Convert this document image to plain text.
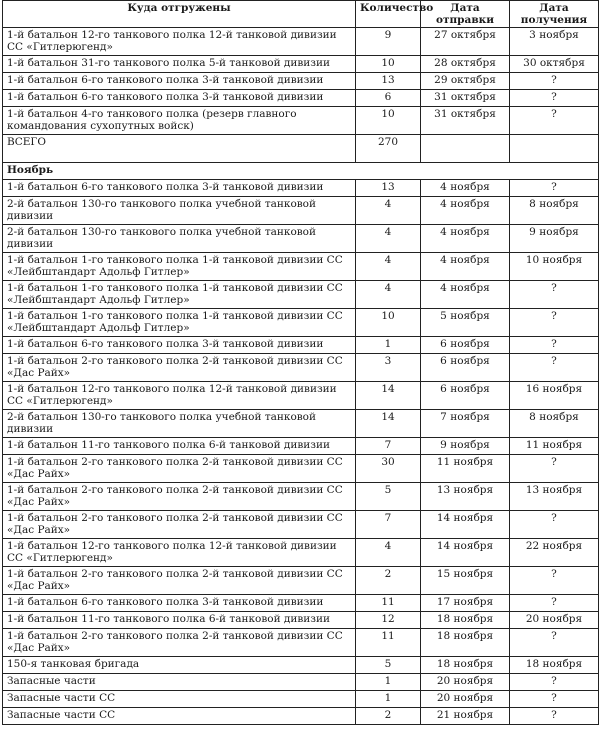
Куда отгружены	Количество	Дата отправки	Дата получения
1-й батальон 12-го танкового полка 12-й танковой дивизии СС «Гитлерюгенд»	9	27 октября	3 ноября
1-й батальон 31-го танкового полка 5-й танковой дивизии	10	28 октября	30 октября
1-й батальон 6-го танкового полка 3-й танковой дивизии	13	29 октября	?
1-й батальон 6-го танкового полка 3-й танковой дивизии	6	31 октября	?
1-й батальон 4-го танкового полка (резерв главного командования сухопутных войск)	10	31 октября	?
ВСЕГО	270		
Ноябрь			
1-й батальон 6-го танкового полка 3-й танковой дивизии	13	4 ноября	?
2-й батальон 130-го танкового полка учебной танковой дивизии	4	4 ноября	8 ноября
2-й батальон 130-го танкового полка учебной танковой дивизии	4	4 ноября	9 ноября
1-й батальон 1-го танкового полка 1-й танковой дивизии СС «Лейбштандарт Адольф Гитлер»	4	4 ноября	10 ноября
1-й батальон 1-го танкового полка 1-й танковой дивизии СС «Лейбштандарт Адольф Гитлер»	4	4 ноября	?
1-й батальон 1-го танкового полка 1-й танковой дивизии СС «Лейбштандарт Адольф Гитлер»	10	5 ноября	?
1-й батальон 6-го танкового полка 3-й танковой дивизии	1	6 ноября	?
1-й батальон 2-го танкового полка 2-й танковой дивизии СС «Дас Райх»	3	6 ноября	?
1-й батальон 12-го танкового полка 12-й танковой дивизии СС «Гитлерюгенд»	14	6 ноября	16 ноября
2-й батальон 130-го танкового полка учебной танковой дивизии	14	7 ноября	8 ноября
1-й батальон 11-го танкового полка 6-й танковой дивизии	7	9 ноября	11 ноября
1-й батальон 2-го танкового полка 2-й танковой дивизии СС «Дас Райх»	30	11 ноября	?
1-й батальон 2-го танкового полка 2-й танковой дивизии СС «Дас Райх»	5	13 ноября	13 ноября
1-й батальон 2-го танкового полка 2-й танковой дивизии СС «Дас Райх»	7	14 ноября	?
1-й батальон 12-го танкового полка 12-й танковой дивизии СС «Гитлерюгенд»	4	14 ноября	22 ноября
1-й батальон 2-го танкового полка 2-й танковой дивизии СС «Дас Райх»	2	15 ноября	?
1-й батальон 6-го танкового полка 3-й танковой дивизии	11	17 ноября	?
1-й батальон 11-го танкового полка 6-й танковой дивизии	12	18 ноября	20 ноября
1-й батальон 2-го танкового полка 2-й танковой дивизии СС «Дас Райх»	11	18 ноября	?
150-я танковая бригада	5	18 ноября	18 ноября
Запасные части	1	20 ноября	?
Запасные части СС	1	20 ноября	?
Запасные части СС	2	21 ноября	?
